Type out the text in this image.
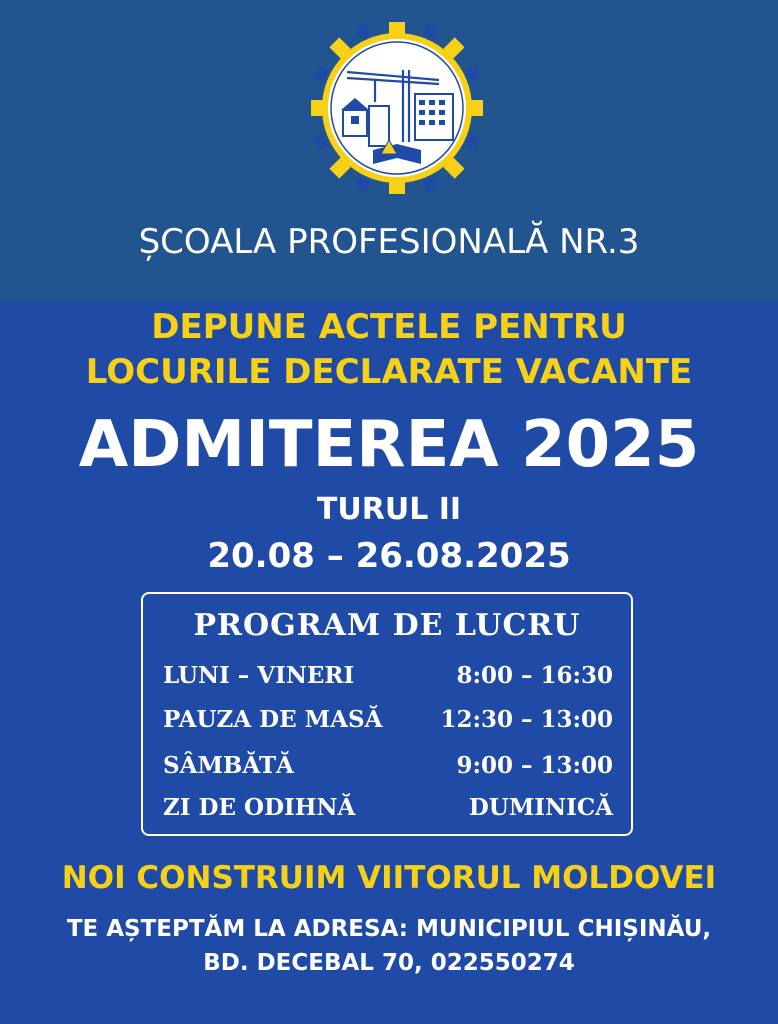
ȘCOALA PROFESIONALĂ NR.3
DEPUNE ACTELE PENTRU
LOCURILE DECLARATE VACANTE
ADMITEREA 2025
TURUL II
20.08 – 26.08.2025
PROGRAM DE LUCRU
LUNI – VINERI	8:00 – 16:30
PAUZA DE MASĂ	12:30 – 13:00
SÂMBĂTĂ	9:00 – 13:00
ZI DE ODIHNĂ	DUMINICĂ
NOI CONSTRUIM VIITORUL MOLDOVEI
TE AȘTEPTĂM LA ADRESA: MUNICIPIUL CHIȘINĂU,
BD. DECEBAL 70, 022550274
